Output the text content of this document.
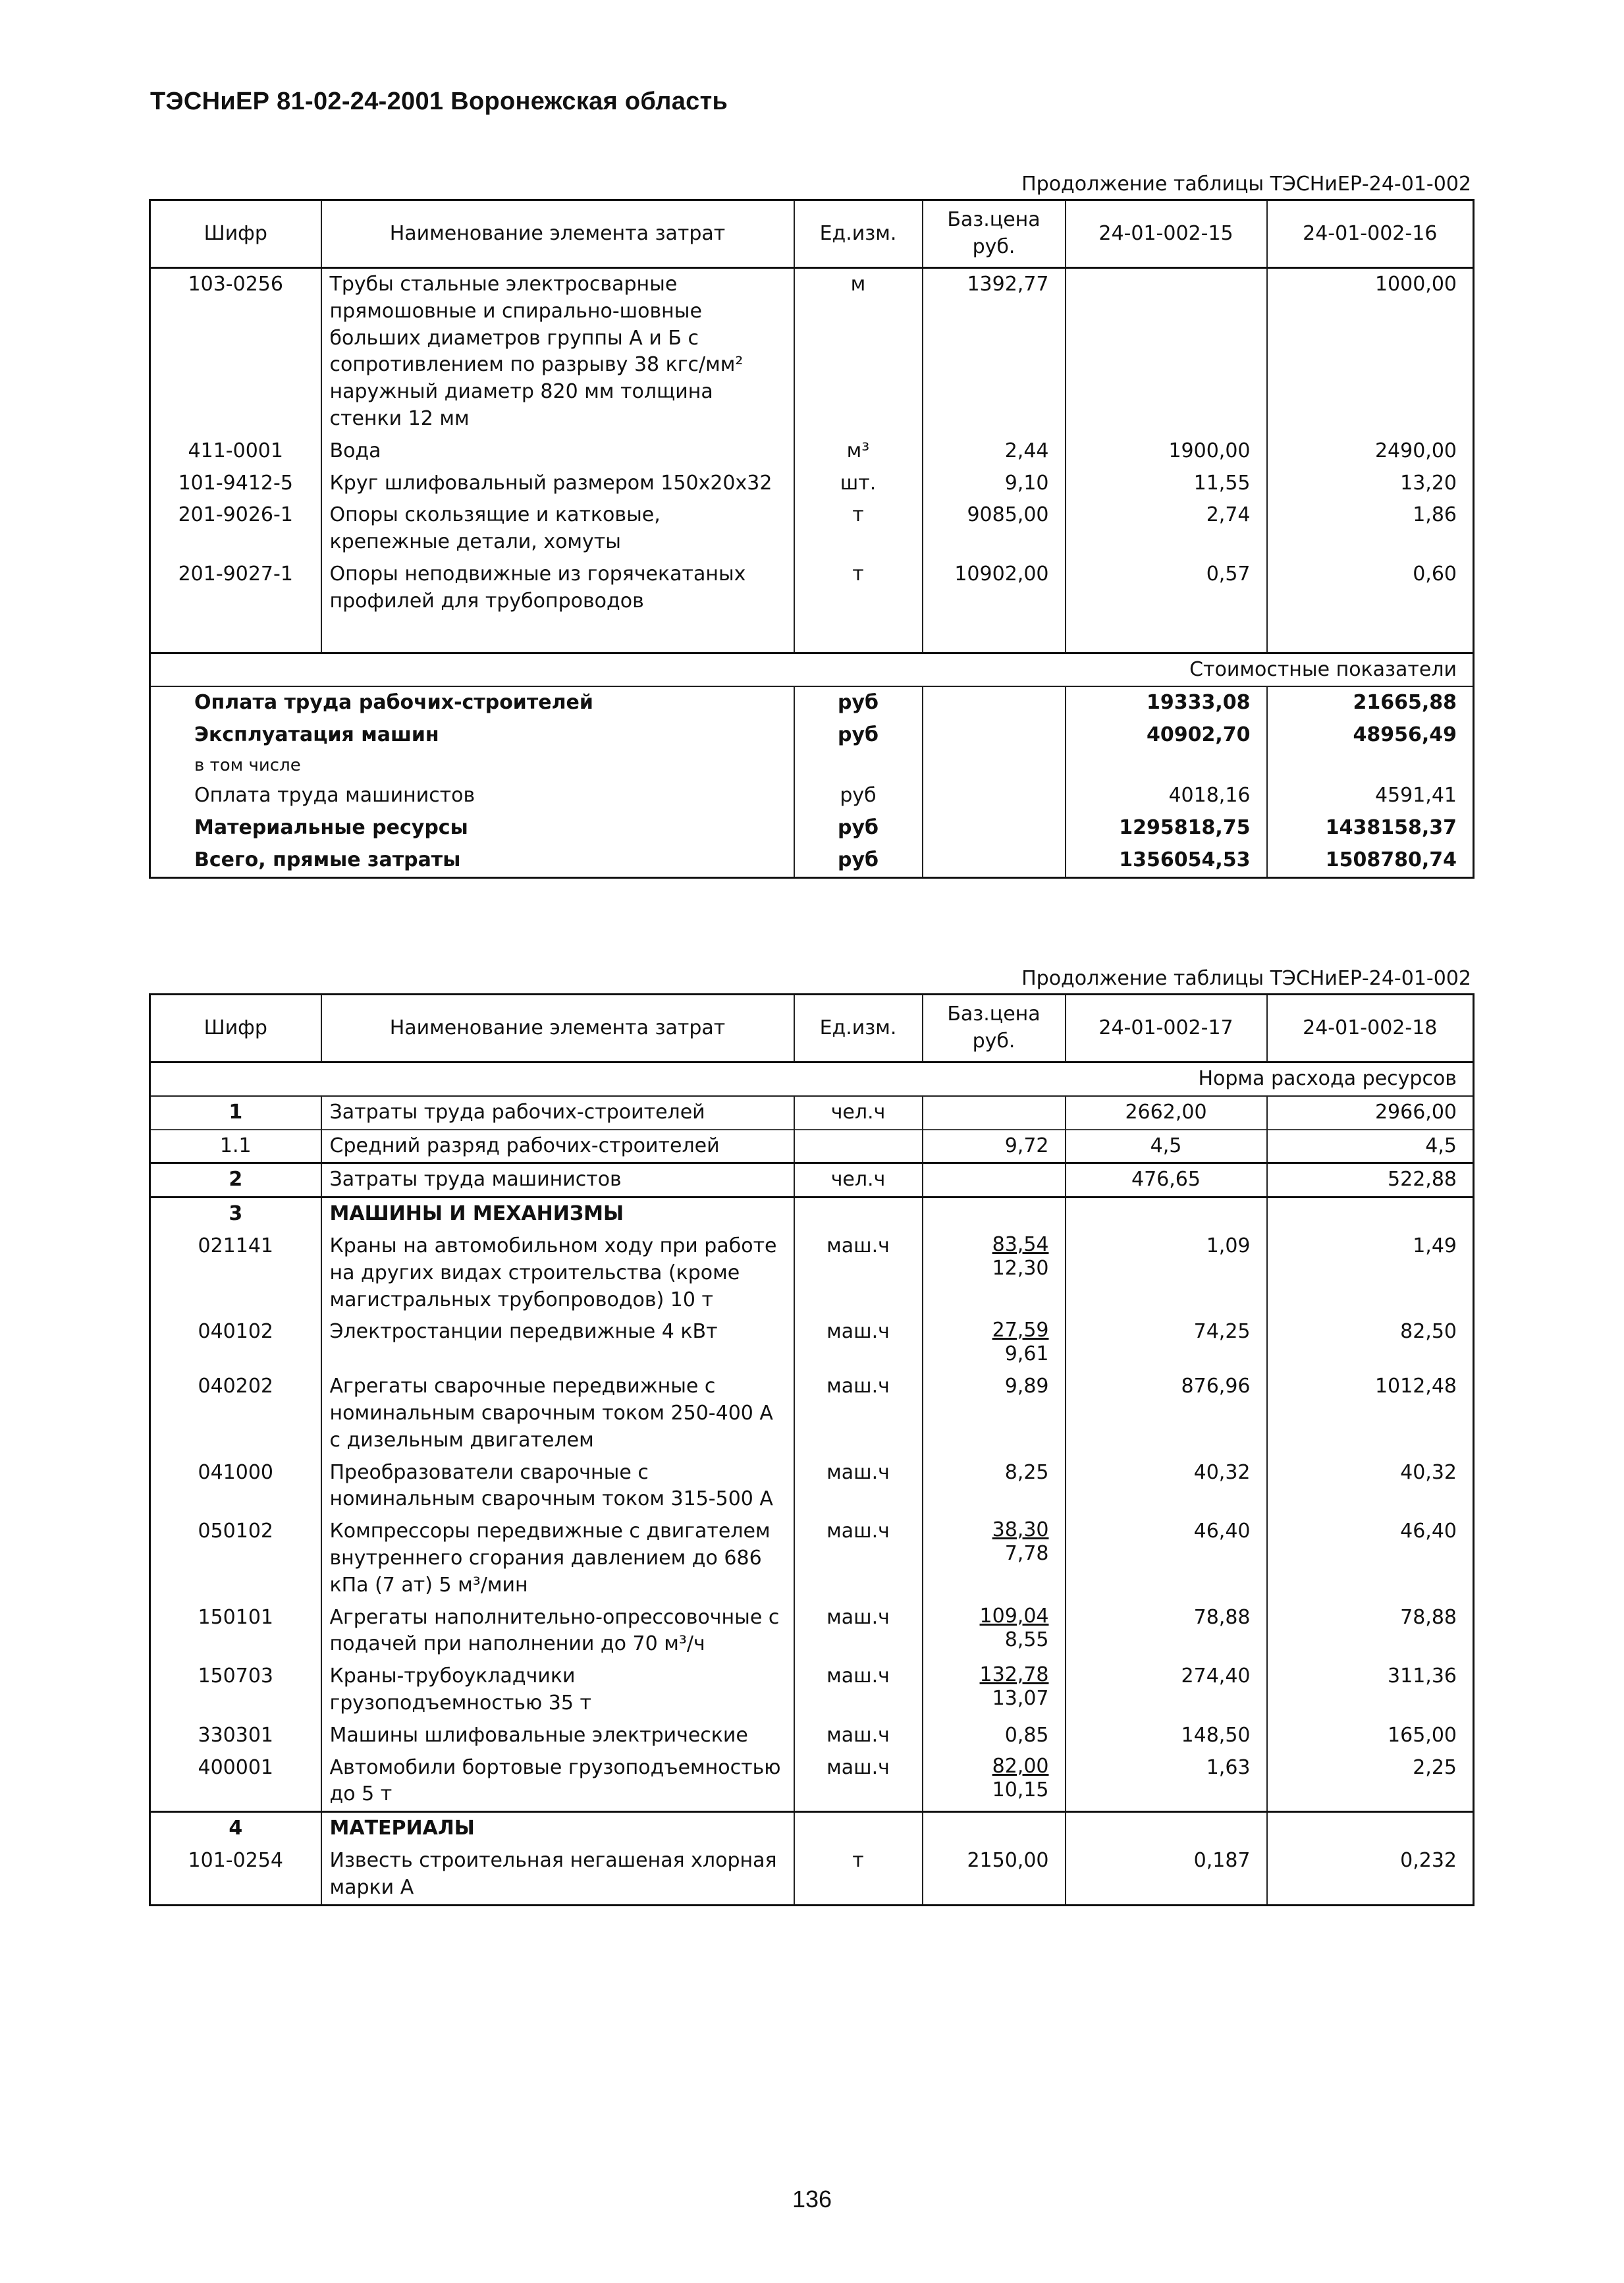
ТЭСНиЕР 81-02-24-2001 Воронежская область
Продолжение таблицы ТЭСНиЕР-24-01-002
Шифр	Наименование элемента затрат	Ед.изм.	Баз.цена руб.	24-01-002-15	24-01-002-16
103-0256	Трубы стальные электросварные прямошовные и спирально-шовные больших диаметров группы А и Б с сопротивлением по разрыву 38 кгс/мм² наружный диаметр 820 мм толщина стенки 12 мм	м	1392,77		1000,00
411-0001	Вода	м³	2,44	1900,00	2490,00
101-9412-5	Круг шлифовальный размером 150х20х32	шт.	9,10	11,55	13,20
201-9026-1	Опоры скользящие и катковые, крепежные детали, хомуты	т	9085,00	2,74	1,86
201-9027-1	Опоры неподвижные из горячекатаных профилей для трубопроводов	т	10902,00	0,57	0,60

Стоимостные показатели					
Оплата труда рабочих-строителей		руб		19333,08	21665,88
Эксплуатация машин		руб		40902,70	48956,49
в том числе					
Оплата труда машинистов		руб		4018,16	4591,41
Материальные ресурсы		руб		1295818,75	1438158,37
Всего, прямые затраты		руб		1356054,53	1508780,74
Продолжение таблицы ТЭСНиЕР-24-01-002
Шифр	Наименование элемента затрат	Ед.изм.	Баз.цена руб.	24-01-002-17	24-01-002-18
Норма расхода ресурсов					
1	Затраты труда рабочих-строителей	чел.ч		2662,00	2966,00
1.1	Средний разряд рабочих-строителей		9,72	4,5	4,5
2	Затраты труда машинистов	чел.ч		476,65	522,88
3	МАШИНЫ И МЕХАНИЗМЫ				
021141	Краны на автомобильном ходу при работе на других видах строительства (кроме магистральных трубопроводов) 10 т	маш.ч	$\frac{83,54}{12,30}$	1,09	1,49
040102	Электростанции передвижные 4 кВт	маш.ч	$\frac{27,59}{9,61}$	74,25	82,50
040202	Агрегаты сварочные передвижные с номинальным сварочным током 250-400 А с дизельным двигателем	маш.ч	9,89	876,96	1012,48
041000	Преобразователи сварочные с номинальным сварочным током 315-500 А	маш.ч	8,25	40,32	40,32
050102	Компрессоры передвижные с двигателем внутреннего сгорания давлением до 686 кПа (7 ат) 5 м³/мин	маш.ч	$\frac{38,30}{7,78}$	46,40	46,40
150101	Агрегаты наполнительно-опрессовочные с подачей при наполнении до 70 м³/ч	маш.ч	$\frac{109,04}{8,55}$	78,88	78,88
150703	Краны-трубоукладчики грузоподъемностью 35 т	маш.ч	$\frac{132,78}{13,07}$	274,40	311,36
330301	Машины шлифовальные электрические	маш.ч	0,85	148,50	165,00
400001	Автомобили бортовые грузоподъемностью до 5 т	маш.ч	$\frac{82,00}{10,15}$	1,63	2,25
4	МАТЕРИАЛЫ				
101-0254	Известь строительная негашеная хлорная марки А	т	2150,00	0,187	0,232
136
